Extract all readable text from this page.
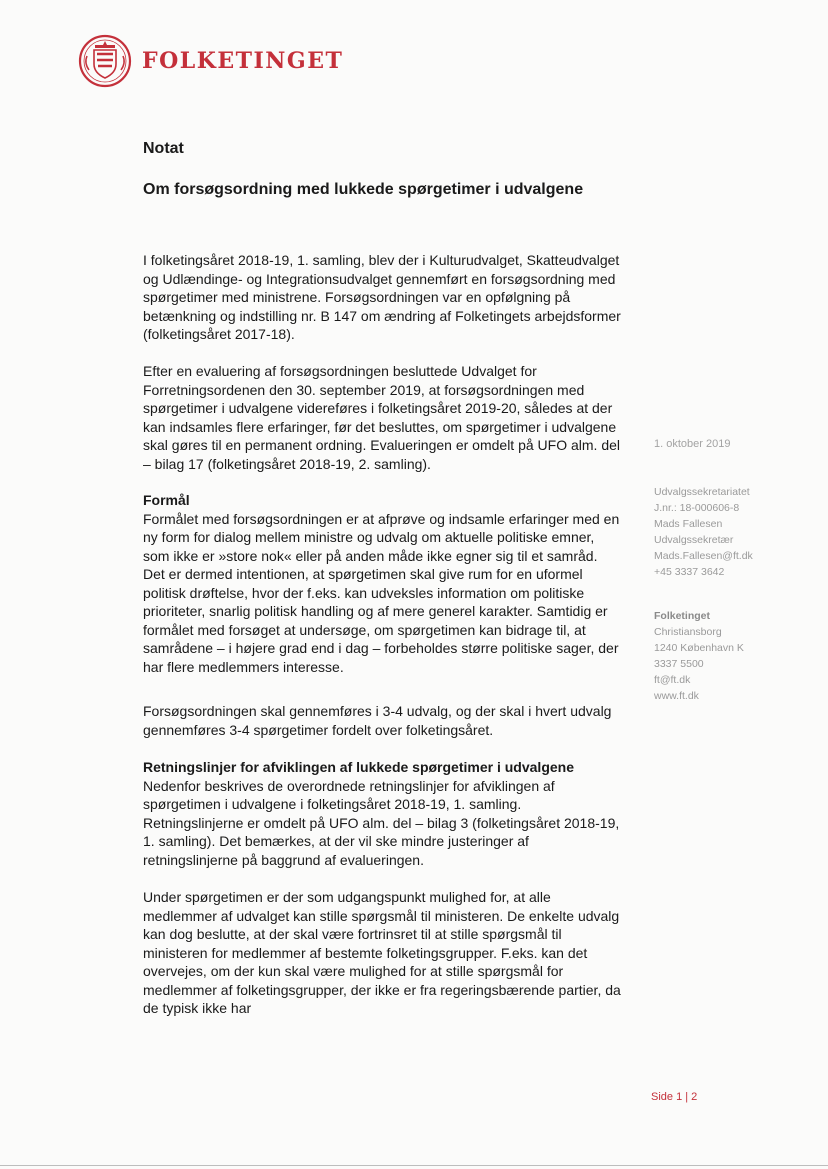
FOLKETINGET
Notat
Om forsøgsordning med lukkede spørgetimer i udvalgene

I folketingsåret 2018-19, 1. samling, blev der i Kulturudvalget, Skatteudvalget og Udlændinge- og Integrationsudvalget gennemført en forsøgsordning med spørgetimer med ministrene. Forsøgsordningen var en opfølgning på betænkning og indstilling nr. B 147 om ændring af Folketingets arbejdsformer (folketingsåret 2017-18).

Efter en evaluering af forsøgsordningen besluttede Udvalget for Forretningsordenen den 30. september 2019, at forsøgsordningen med spørgetimer i udvalgene videreføres i folketingsåret 2019-20, således at der kan indsamles flere erfaringer, før det besluttes, om spørgetimer i udvalgene skal gøres til en permanent ordning. Evalueringen er omdelt på UFO alm. del – bilag 17 (folketingsåret 2018-19, 2. samling).

Formål

Formålet med forsøgsordningen er at afprøve og indsamle erfaringer med en ny form for dialog mellem ministre og udvalg om aktuelle politiske emner, som ikke er »store nok« eller på anden måde ikke egner sig til et samråd. Det er dermed intentionen, at spørgetimen skal give rum for en uformel politisk drøftelse, hvor der f.eks. kan udveksles information om politiske prioriteter, snarlig politisk handling og af mere generel karakter. Samtidig er formålet med forsøget at undersøge, om spørgetimen kan bidrage til, at samrådene – i højere grad end i dag – forbeholdes større politiske sager, der har flere medlemmers interesse.

Forsøgsordningen skal gennemføres i 3-4 udvalg, og der skal i hvert udvalg gennemføres 3-4 spørgetimer fordelt over folketingsåret.

Retningslinjer for afviklingen af lukkede spørgetimer i udvalgene

Nedenfor beskrives de overordnede retningslinjer for afviklingen af spørgetimen i udvalgene i folketingsåret 2018-19, 1. samling. Retningslinjerne er omdelt på UFO alm. del – bilag 3 (folketingsåret 2018-19, 1. samling). Det bemærkes, at der vil ske mindre justeringer af retningslinjerne på baggrund af evalueringen.

Under spørgetimen er der som udgangspunkt mulighed for, at alle medlemmer af udvalget kan stille spørgsmål til ministeren. De enkelte udvalg kan dog beslutte, at der skal være fortrinsret til at stille spørgsmål til ministeren for medlemmer af bestemte folketingsgrupper. F.eks. kan det overvejes, om der kun skal være mulighed for at stille spørgsmål for medlemmer af folketingsgrupper, der ikke er fra regeringsbærende partier, da de typisk ikke har

1. oktober 2019
Udvalgssekretariatet
J.nr.: 18-000606-8
Mads Fallesen
Udvalgssekretær
Mads.Fallesen@ft.dk
+45 3337 3642
Folketinget
Christiansborg
1240 København K
3337 5500
ft@ft.dk
www.ft.dk
Side 1 | 2
